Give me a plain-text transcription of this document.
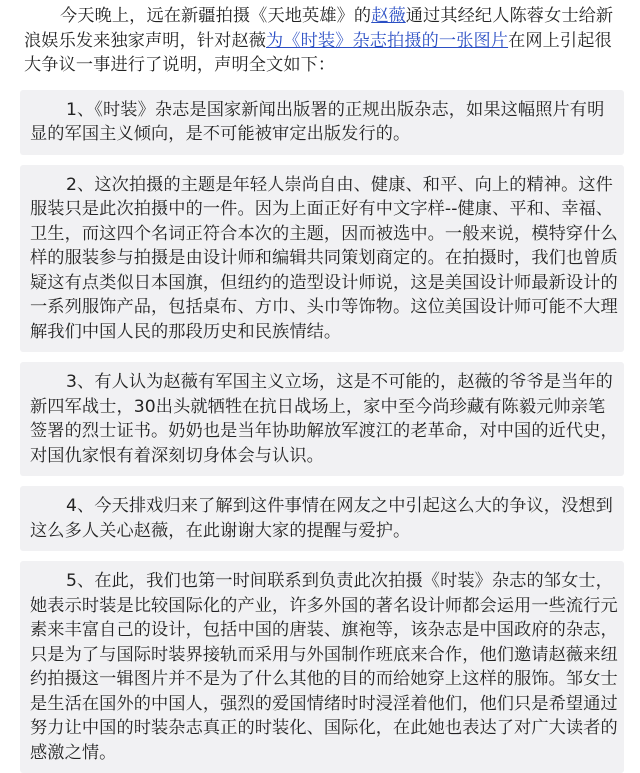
今天晚上，远在新疆拍摄《天地英雄》的赵薇通过其经纪人陈蓉女士给新浪娱乐发来独家声明，针对赵薇为《时装》杂志拍摄的一张图片在网上引起很大争议一事进行了说明，声明全文如下：

1、《时装》杂志是国家新闻出版署的正规出版杂志，如果这幅照片有明显的军国主义倾向，是不可能被审定出版发行的。

2、这次拍摄的主题是年轻人崇尚自由、健康、和平、向上的精神。这件服装只是此次拍摄中的一件。因为上面正好有中文字样--健康、平和、幸福、卫生，而这四个名词正符合本次的主题，因而被选中。一般来说，模特穿什么样的服装参与拍摄是由设计师和编辑共同策划商定的。在拍摄时，我们也曾质疑这有点类似日本国旗，但纽约的造型设计师说，这是美国设计师最新设计的一系列服饰产品，包括桌布、方巾、头巾等饰物。这位美国设计师可能不大理解我们中国人民的那段历史和民族情结。

3、有人认为赵薇有军国主义立场，这是不可能的，赵薇的爷爷是当年的新四军战士，30出头就牺牲在抗日战场上，家中至今尚珍藏有陈毅元帅亲笔签署的烈士证书。奶奶也是当年协助解放军渡江的老革命，对中国的近代史，对国仇家恨有着深刻切身体会与认识。

4、今天排戏归来了解到这件事情在网友之中引起这么大的争议，没想到这么多人关心赵薇，在此谢谢大家的提醒与爱护。

5、在此，我们也第一时间联系到负责此次拍摄《时装》杂志的邹女士，她表示时装是比较国际化的产业，许多外国的著名设计师都会运用一些流行元素来丰富自己的设计，包括中国的唐装、旗袍等，该杂志是中国政府的杂志，只是为了与国际时装界接轨而采用与外国制作班底来合作，他们邀请赵薇来纽约拍摄这一辑图片并不是为了什么其他的目的而给她穿上这样的服饰。邹女士是生活在国外的中国人，强烈的爱国情绪时时浸淫着他们，他们只是希望通过努力让中国的时装杂志真正的时装化、国际化，在此她也表达了对广大读者的感激之情。
